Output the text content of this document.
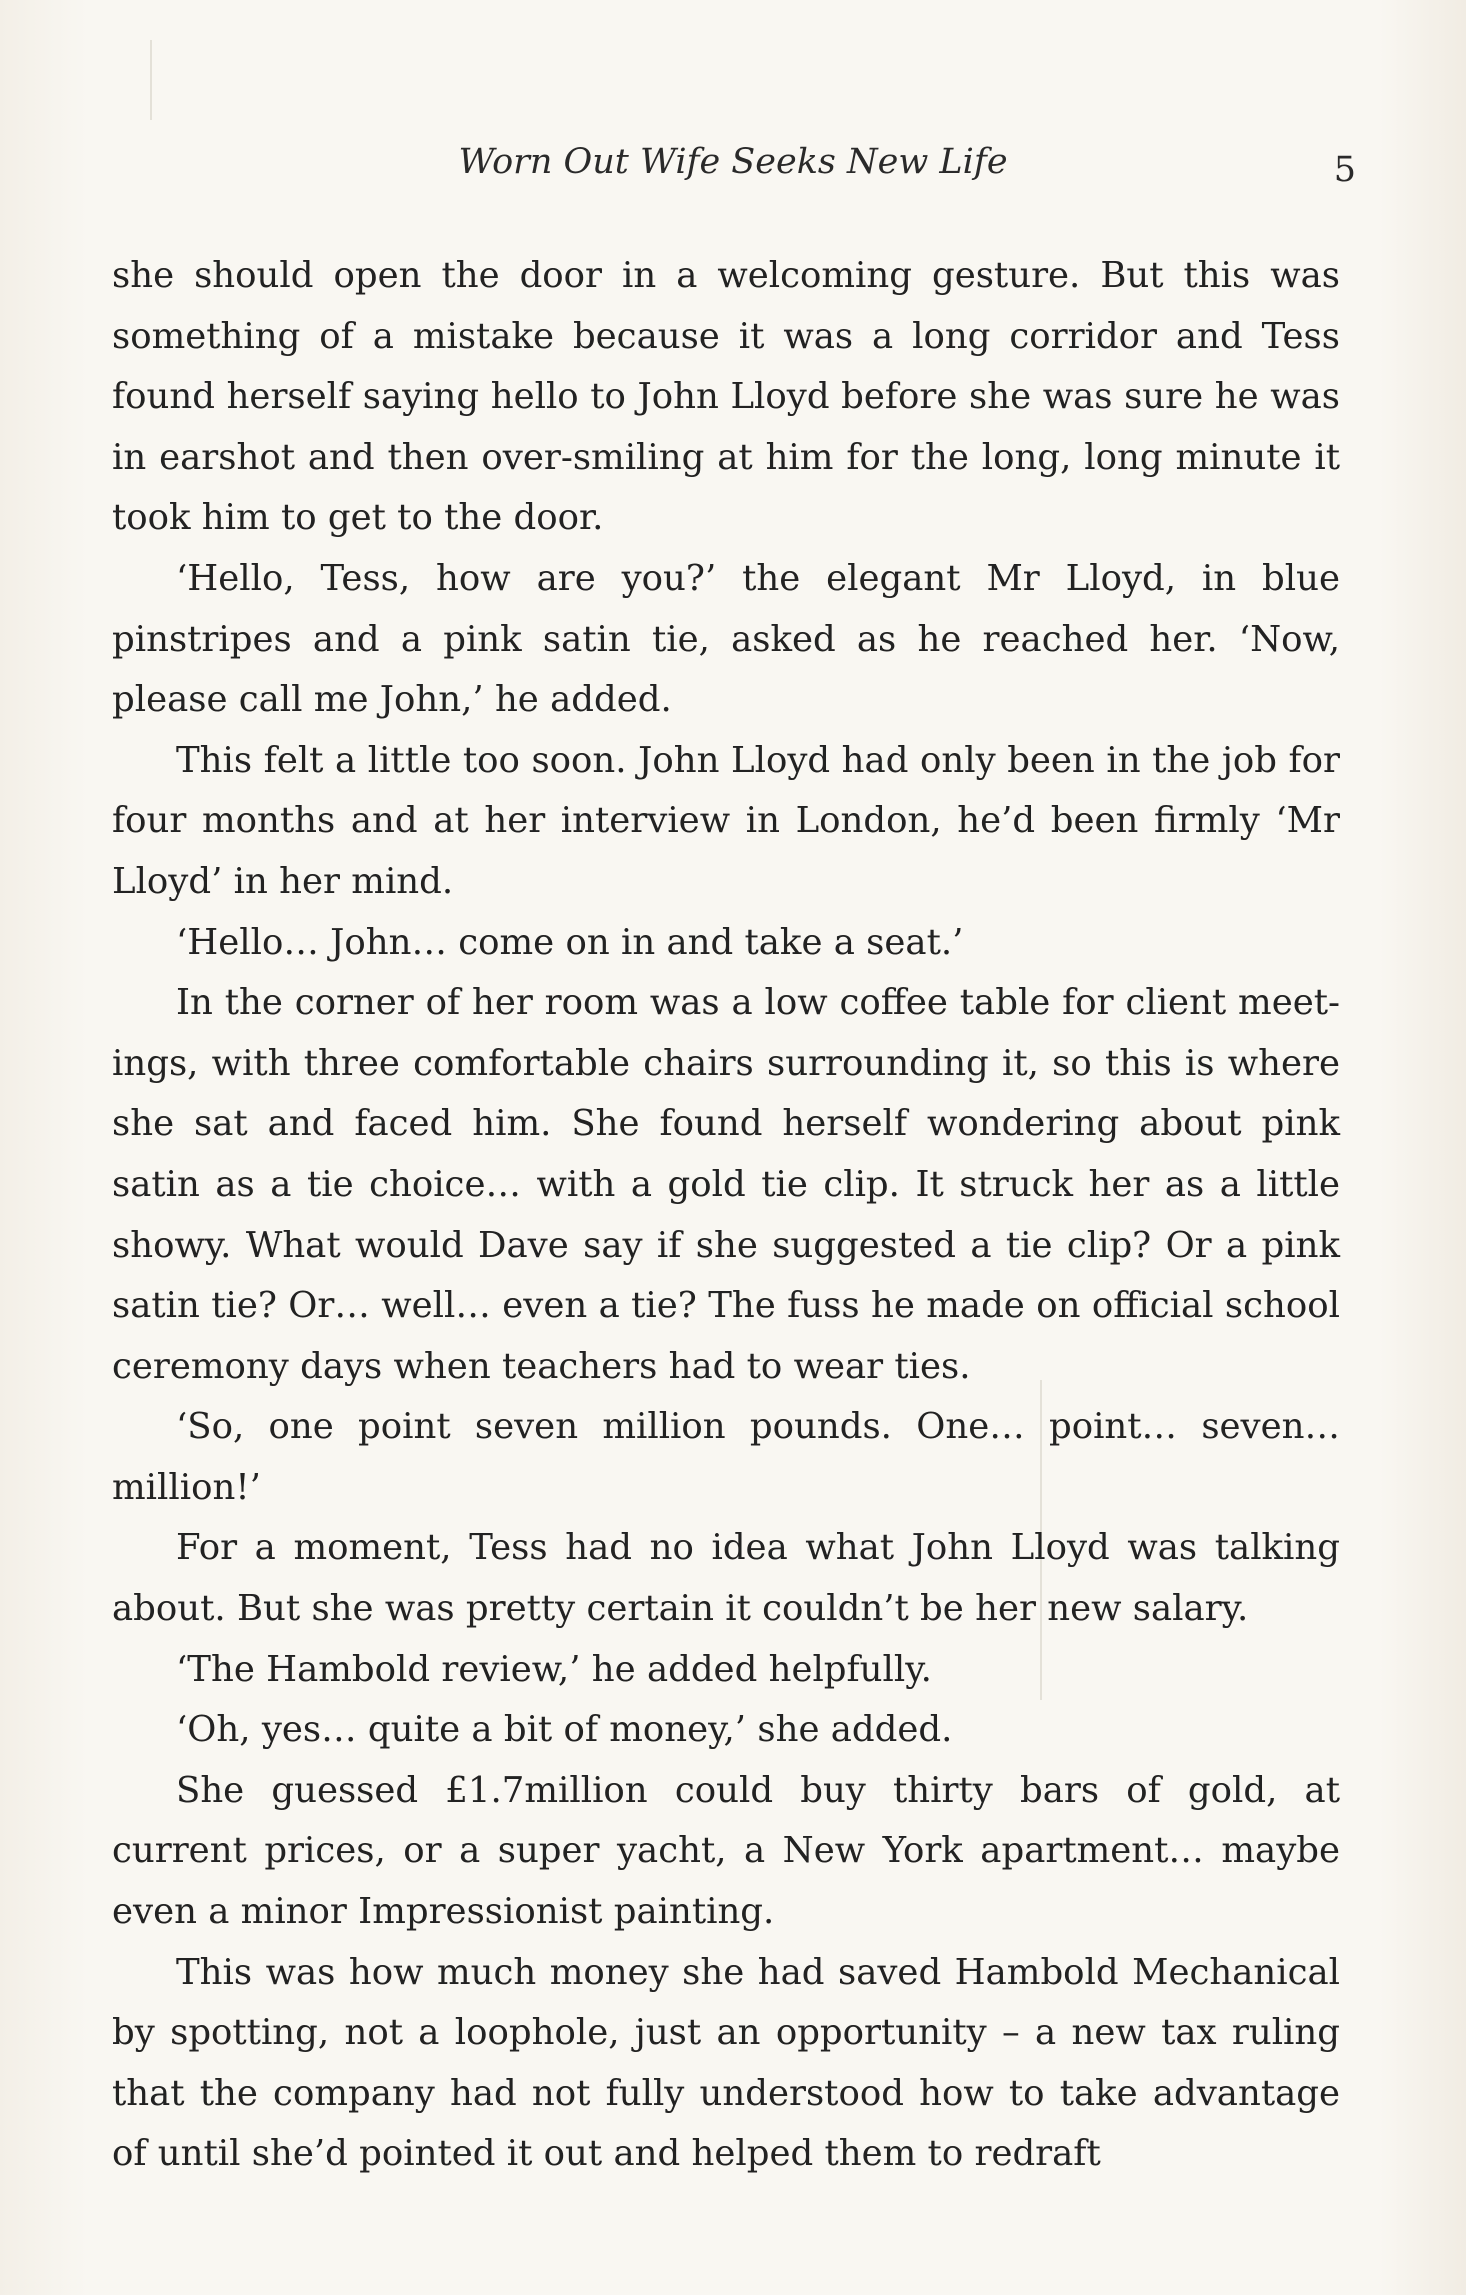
Worn Out Wife Seeks New Life	5

she should open the door in a welcoming gesture. But this was something of a mistake because it was a long corridor and Tess found herself saying hello to John Lloyd before she was sure he was in earshot and then over-smiling at him for the long, long minute it took him to get to the door.

‘Hello, Tess, how are you?’ the elegant Mr Lloyd, in blue pinstripes and a pink satin tie, asked as he reached her. ‘Now, please call me John,’ he added.

This felt a little too soon. John Lloyd had only been in the job for four months and at her interview in London, he’d been firmly ‘Mr Lloyd’ in her mind.

‘Hello… John… come on in and take a seat.’

In the corner of her room was a low coffee table for client meetings, with three comfortable chairs surrounding it, so this is where she sat and faced him. She found herself wondering about pink satin as a tie choice… with a gold tie clip. It struck her as a little showy. What would Dave say if she suggested a tie clip? Or a pink satin tie? Or… well… even a tie? The fuss he made on official school ceremony days when teachers had to wear ties.

‘So, one point seven million pounds. One… point… seven… million!’

For a moment, Tess had no idea what John Lloyd was talking about. But she was pretty certain it couldn’t be her new salary.

‘The Hambold review,’ he added helpfully.

‘Oh, yes… quite a bit of money,’ she added.

She guessed £1.7million could buy thirty bars of gold, at current prices, or a super yacht, a New York apartment… maybe even a minor Impressionist painting.

This was how much money she had saved Hambold Mechanical by spotting, not a loophole, just an opportunity – a new tax ruling that the company had not fully understood how to take advantage of until she’d pointed it out and helped them to redraft
